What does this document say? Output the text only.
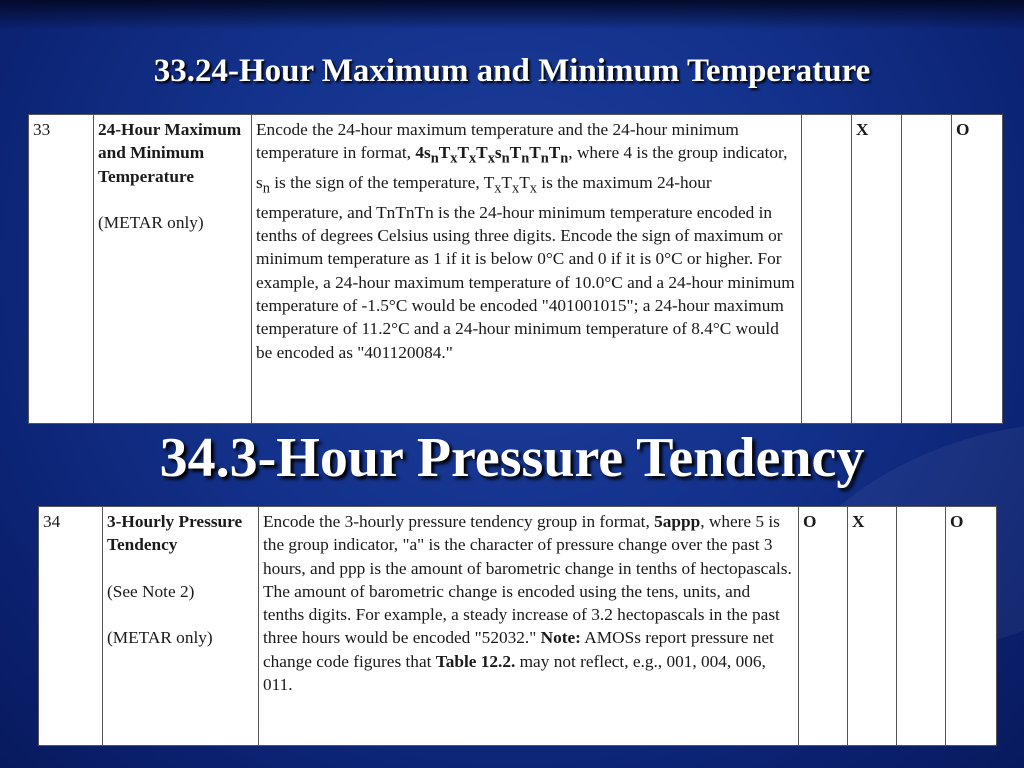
33.24-Hour Maximum and Minimum Temperature
33	24-Hour Maximum and Minimum Temperature
(METAR only)
	Encode the 24-hour maximum temperature and the 24-hour minimum temperature in format, $4s_nT_xT_xT_xs_nT_nT_nT_n$, where 4 is the group indicator, $s_n$ is the sign of the temperature, $T_xT_xT_x$ is the maximum 24-hour temperature, and TnTnTn is the 24-hour minimum temperature encoded in tenths of degrees Celsius using three digits. Encode the sign of maximum or minimum temperature as 1 if it is below 0°C and 0 if it is 0°C or higher. For example, a 24-hour maximum temperature of 10.0°C and a 24-hour minimum temperature of -1.5°C would be encoded "401001015"; a 24-hour maximum temperature of 11.2°C and a 24-hour minimum temperature of 8.4°C would be encoded as "401120084."		X		O
34.3-Hour Pressure Tendency
34	3-Hourly Pressure Tendency
(See Note 2)
(METAR only)
	Encode the 3-hourly pressure tendency group in format, 5appp, where 5 is the group indicator, "a" is the character of pressure change over the past 3 hours, and ppp is the amount of barometric change in tenths of hectopascals. The amount of barometric change is encoded using the tens, units, and tenths digits. For example, a steady increase of 3.2 hectopascals in the past three hours would be encoded "52032." Note: AMOSs report pressure net change code figures that Table 12.2. may not reflect, e.g., 001, 004, 006, 011.	O	X		O
